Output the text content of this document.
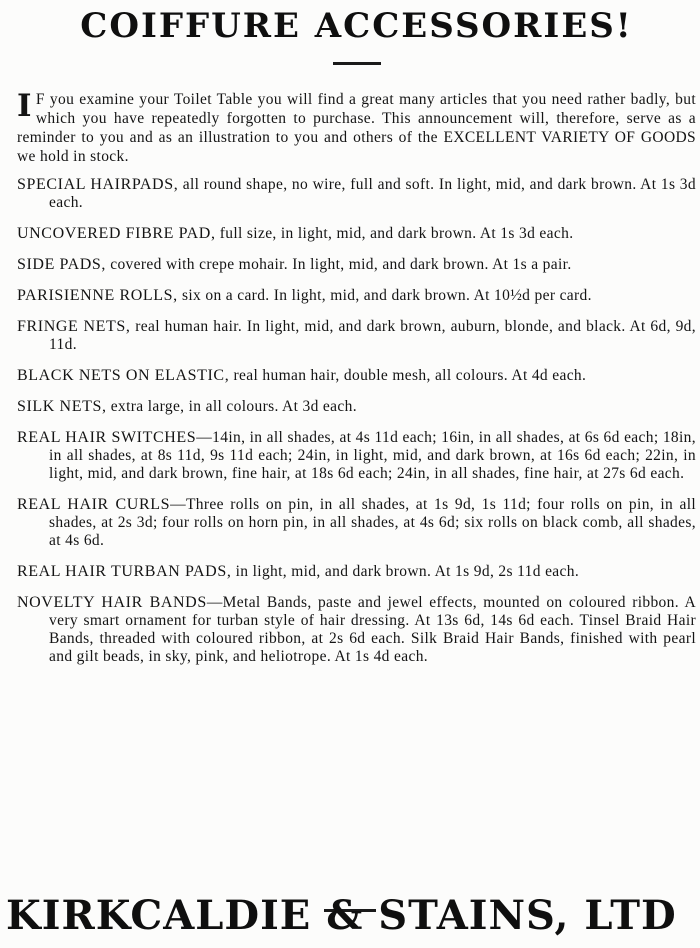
COIFFURE ACCESSORIES!

I F you examine your Toilet Table you will find a great many articles that you need rather badly, but which you have repeatedly forgotten to purchase. This announcement will, therefore, serve as a reminder to you and as an illustration to you and others of the EXCELLENT VARIETY OF GOODS we hold in stock.

SPECIAL HAIRPADS, all round shape, no wire, full and soft. In light, mid, and dark brown. At 1s 3d each.

UNCOVERED FIBRE PAD, full size, in light, mid, and dark brown. At 1s 3d each.

SIDE PADS, covered with crepe mohair. In light, mid, and dark brown. At 1s a pair.

PARISIENNE ROLLS, six on a card. In light, mid, and dark brown. At 10½d per card.

FRINGE NETS, real human hair. In light, mid, and dark brown, auburn, blonde, and black. At 6d, 9d, 11d.

BLACK NETS ON ELASTIC, real human hair, double mesh, all colours. At 4d each.

SILK NETS, extra large, in all colours. At 3d each.

REAL HAIR SWITCHES—14in, in all shades, at 4s 11d each; 16in, in all shades, at 6s 6d each; 18in, in all shades, at 8s 11d, 9s 11d each; 24in, in light, mid, and dark brown, at 16s 6d each; 22in, in light, mid, and dark brown, fine hair, at 18s 6d each; 24in, in all shades, fine hair, at 27s 6d each.

REAL HAIR CURLS—Three rolls on pin, in all shades, at 1s 9d, 1s 11d; four rolls on pin, in all shades, at 2s 3d; four rolls on horn pin, in all shades, at 4s 6d; six rolls on black comb, all shades, at 4s 6d.

REAL HAIR TURBAN PADS, in light, mid, and dark brown. At 1s 9d, 2s 11d each.

NOVELTY HAIR BANDS—Metal Bands, paste and jewel effects, mounted on coloured ribbon. A very smart ornament for turban style of hair dressing. At 13s 6d, 14s 6d each. Tinsel Braid Hair Bands, threaded with coloured ribbon, at 2s 6d each. Silk Braid Hair Bands, finished with pearl and gilt beads, in sky, pink, and heliotrope. At 1s 4d each.

KIRKCALDIE & STAINS, LTD
